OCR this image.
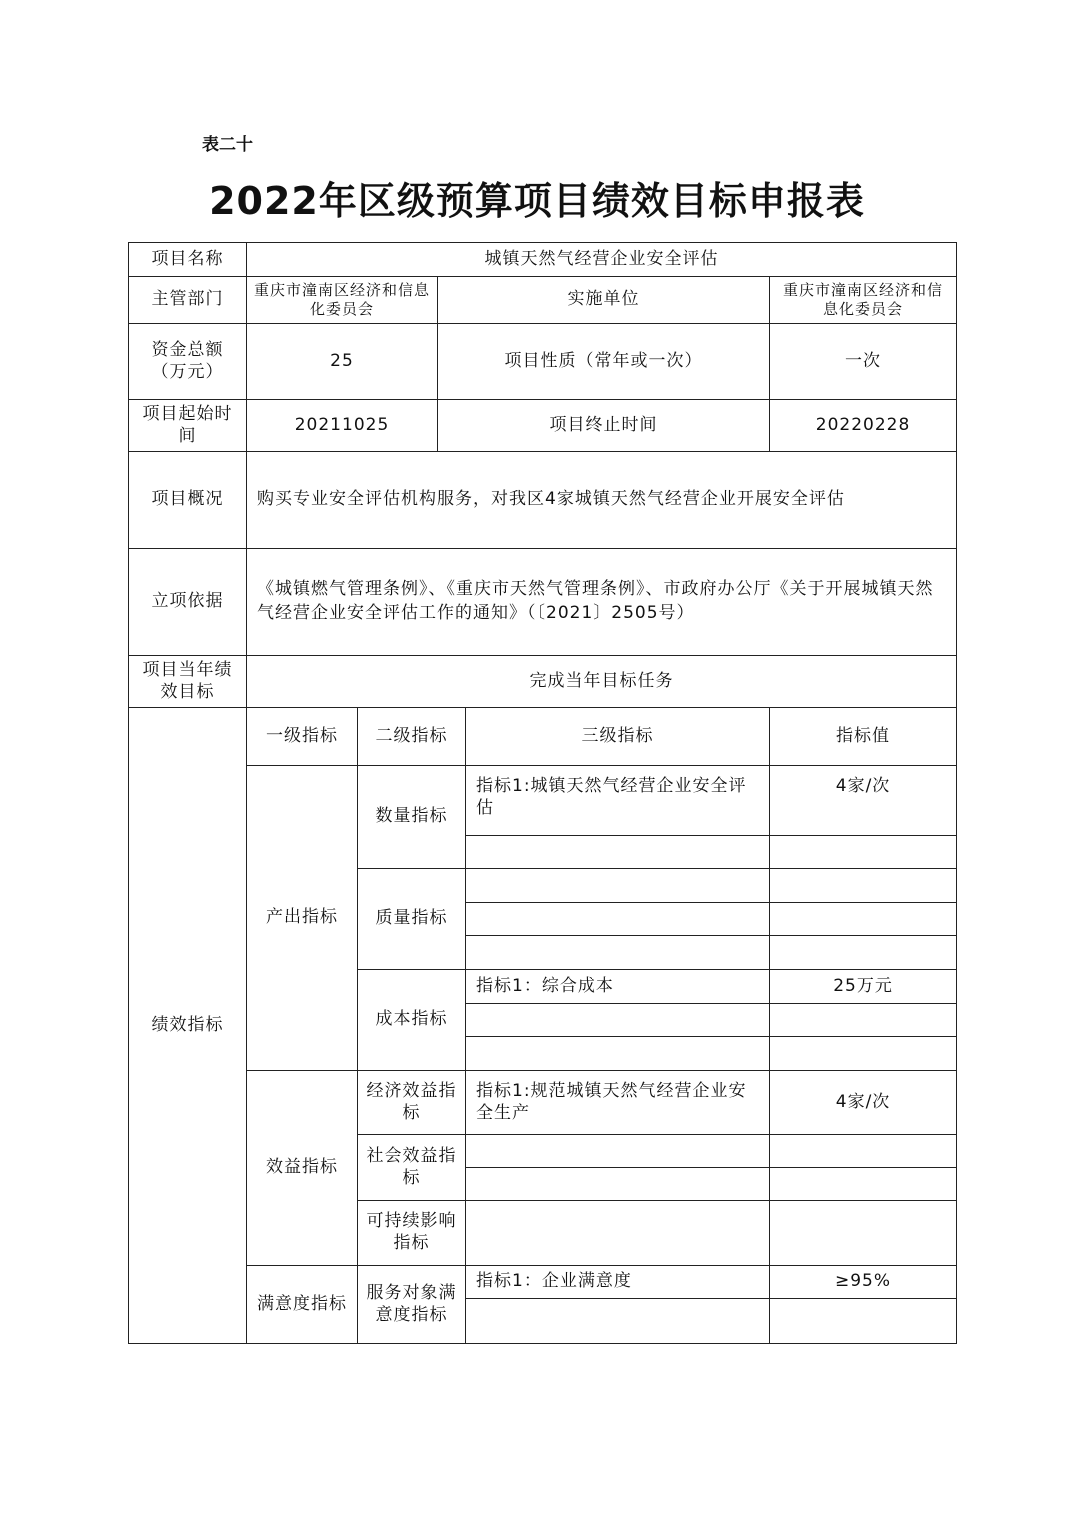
表二十
2022年区级预算项目绩效目标申报表
项目名称	城镇天然气经营企业安全评估				
主管部门	重庆市潼南区经济和信息化委员会		实施单位		重庆市潼南区经济和信息化委员会
资金总额（万元）	25		项目性质（常年或一次）		一次
项目起始时间	20211025		项目终止时间		20220228
项目概况	购买专业安全评估机构服务，对我区4家城镇天然气经营企业开展安全评估				
立项依据	《城镇燃气管理条例》、《重庆市天然气管理条例》、市政府办公厅《关于开展城镇天然气经营企业安全评估工作的通知》（〔2021〕2505号）				
项目当年绩效目标	完成当年目标任务				
绩效指标	一级指标	二级指标		三级指标	指标值
	产出指标	数量指标		指标1:城镇天然气经营企业安全评估	4家/次

		质量指标			

		成本指标		指标1：综合成本	25万元

	效益指标	经济效益指标		指标1:规范城镇天然气经营企业安全生产	4家/次
		社会效益指标			

		可持续影响指标			
	满意度指标	服务对象满意度指标		指标1：企业满意度	≥95%
